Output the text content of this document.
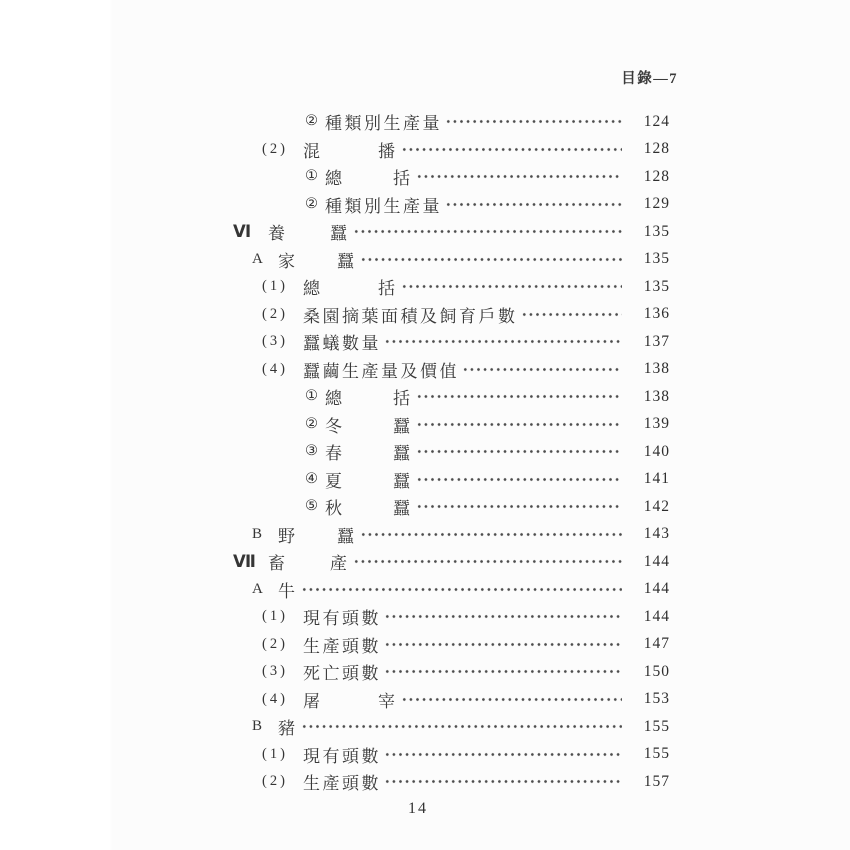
目錄—7
② 種類別生產量	124
(2) 混	播	128
① 總	括	128
② 種類別生產量	129
Ⅵ 養	蠶	135
A 家 蠶	135
(1) 總	括	135
(2) 桑園摘葉面積及飼育戶數	136
(3) 蠶蟻數量	137
(4) 蠶繭生產量及價值	138
① 總	括	138
② 冬	蠶	139
③ 春	蠶	140
④ 夏	蠶	141
⑤ 秋	蠶	142
B 野 蠶	143
Ⅶ 畜	產	144
A 牛	144
(1) 現有頭數	144
(2) 生產頭數	147
(3) 死亡頭數	150
(4) 屠	宰	153
B 豬	155
(1) 現有頭數	155
(2) 生產頭數	157
14
